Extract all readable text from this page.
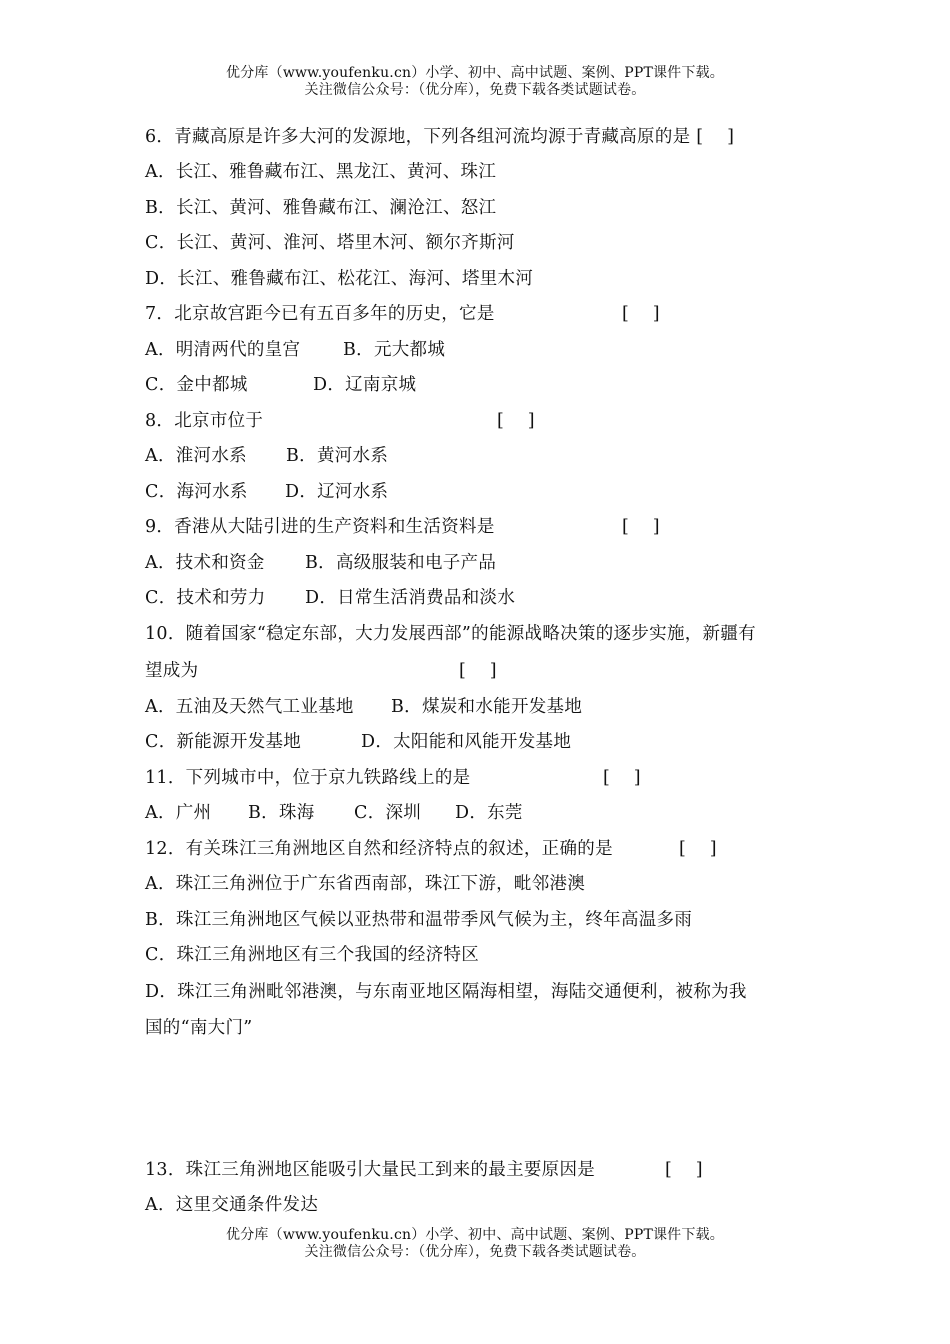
优分库（www.youfenku.cn）小学、初中、高中试题、案例、PPT课件下载。
关注微信公众号：（优分库），免费下载各类试题试卷。
6．青藏高原是许多大河的发源地，下列各组河流均源于青藏高原的是 [　 ]
A．长江、雅鲁藏布江、黑龙江、黄河、珠江
B．长江、黄河、雅鲁藏布江、澜沧江、怒江
C．长江、黄河、淮河、塔里木河、额尔齐斯河
D．长江、雅鲁藏布江、松花江、海河、塔里木河
7．北京故宫距今已有五百多年的历史，它是	[　 ]
A．明清两代的皇宫 B．元大都城
C．金中都城	D．辽南京城
8．北京市位于	[　 ]
A．淮河水系 B．黄河水系
C．海河水系 D．辽河水系
9．香港从大陆引进的生产资料和生活资料是	[　 ]
A．技术和资金 B．高级服装和电子产品
C．技术和劳力 D．日常生活消费品和淡水
10．随着国家“稳定东部，大力发展西部”的能源战略决策的逐步实施，新疆有
望成为	[　 ]
A．五油及天然气工业基地 B．煤炭和水能开发基地
C．新能源开发基地	D．太阳能和风能开发基地
11．下列城市中，位于京九铁路线上的是	[　 ]
A．广州 B．珠海 C．深圳 D．东莞
12．有关珠江三角洲地区自然和经济特点的叙述，正确的是	[　 ]
A．珠江三角洲位于广东省西南部，珠江下游，毗邻港澳
B．珠江三角洲地区气候以亚热带和温带季风气候为主，终年高温多雨
C．珠江三角洲地区有三个我国的经济特区
D．珠江三角洲毗邻港澳，与东南亚地区隔海相望，海陆交通便利，被称为我
国的“南大门”
13．珠江三角洲地区能吸引大量民工到来的最主要原因是	[　 ]
A．这里交通条件发达
优分库（www.youfenku.cn）小学、初中、高中试题、案例、PPT课件下载。
关注微信公众号：（优分库），免费下载各类试题试卷。
